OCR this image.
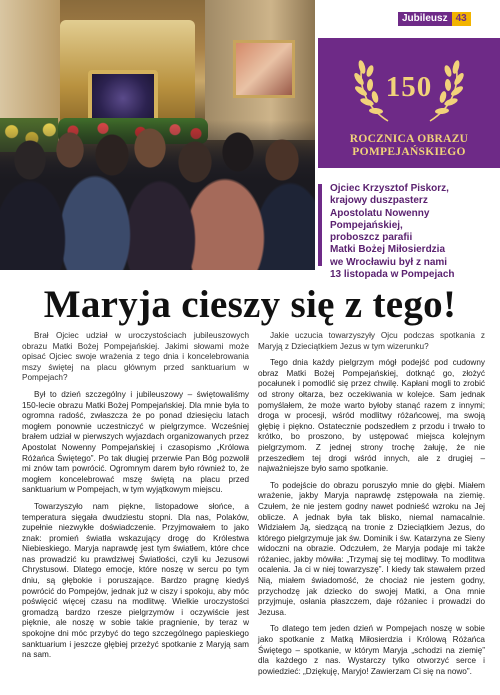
Jubileusz 43
150
ROCZNICA OBRAZU
POMPEJAŃSKIEGO
Ojciec Krzysztof Piskorz,
krajowy duszpasterz
Apostolatu Nowenny
Pompejańskiej,
proboszcz parafii
Matki Bożej Miłosierdzia
we Wrocławiu był z nami
13 listopada w Pompejach
Maryja cieszy się z tego!

Brał Ojciec udział w uroczystościach jubileuszowych obrazu Matki Bożej Pompejańskiej. Jakimi słowami może opisać Ojciec swoje wrażenia z tego dnia i koncelebrowania mszy świętej na placu głównym przed sanktuarium w Pompejach?

Był to dzień szczególny i jubileuszowy – świętowaliśmy 150-lecie obrazu Matki Bożej Pompejańskiej. Dla mnie była to ogromna radość, zwłaszcza że po ponad dziesięciu latach mogłem ponownie uczestniczyć w pielgrzymce. Wcześniej brałem udział w pierwszych wyjazdach organizowanych przez Apostolat Nowenny Pompejańskiej i czasopismo „Królowa Różańca Świętego”. Po tak długiej przerwie Pan Bóg pozwolił mi znów tam powrócić. Ogromnym darem było również to, że mogłem koncelebrować mszę świętą na placu przed sanktuarium w Pompejach, w tym wyjątkowym miejscu.

Towarzyszyło nam piękne, listopadowe słońce, a temperatura sięgała dwudziestu stopni. Dla nas, Polaków, zupełnie niezwykłe doświadczenie. Przyjmowałem to jako znak: promień światła wskazujący drogę do Królestwa Niebieskiego. Maryja naprawdę jest tym światłem, które chce nas prowadzić ku prawdziwej Światłości, czyli ku Jezusowi Chrystusowi. Dlatego emocje, które noszę w sercu po tym dniu, są głębokie i poruszające. Bardzo pragnę kiedyś powrócić do Pompejów, jednak już w ciszy i spokoju, aby móc poświęcić więcej czasu na modlitwę. Wielkie uroczystości gromadzą bardzo rzesze pielgrzymów i oczywiście jest pięknie, ale noszę w sobie takie pragnienie, by teraz w spokojne dni móc przybyć do tego szczególnego papieskiego sanktuarium i jeszcze głębiej przeżyć spotkanie z Maryją sam na sam.

Jakie uczucia towarzyszyły Ojcu podczas spotkania z Maryją z Dzieciątkiem Jezus w tym wizerunku?

Tego dnia każdy pielgrzym mógł podejść pod cudowny obraz Matki Bożej Pompejańskiej, dotknąć go, złożyć pocałunek i pomodlić się przez chwilę. Kapłani mogli to zrobić od strony ołtarza, bez oczekiwania w kolejce. Sam jednak pomyślałem, że może warto byłoby stanąć razem z innymi; droga w procesji, wśród modlitwy różańcowej, ma swoją głębię i piękno. Ostatecznie podszedłem z przodu i trwało to krótko, bo proszono, by ustępować miejsca kolejnym pielgrzymom. Z jednej strony trochę żałuję, że nie przeszedłem tej drogi wśród innych, ale z drugiej – najważniejsze było samo spotkanie.

To podejście do obrazu poruszyło mnie do głębi. Miałem wrażenie, jakby Maryja naprawdę zstępowała na ziemię. Czułem, że nie jestem godny nawet podnieść wzroku na Jej oblicze. A jednak była tak blisko, niemal namacalnie. Widziałem Ją, siedzącą na tronie z Dzieciątkiem Jezus, do którego pielgrzymuje jak św. Dominik i św. Katarzyna ze Sieny widoczni na obrazie. Odczułem, że Maryja podaje mi także różaniec, jakby mówiła: „Trzymaj się tej modlitwy. To modlitwa ocalenia. Ja ci w niej towarzyszę”. I kiedy tak stawałem przed Nią, miałem świadomość, że chociaż nie jestem godny, przychodzę jak dziecko do swojej Matki, a Ona mnie przyjmuje, osłania płaszczem, daje różaniec i prowadzi do Jezusa.

To dlatego tem jeden dzień w Pompejach noszę w sobie jako spotkanie z Matką Miłosierdzia i Królową Różańca Świętego – spotkanie, w którym Maryja „schodzi na ziemię” dla każdego z nas. Wystarczy tylko otworzyć serce i powiedzieć: „Dziękuję, Maryjo! Zawierzam Ci się na nowo”.
